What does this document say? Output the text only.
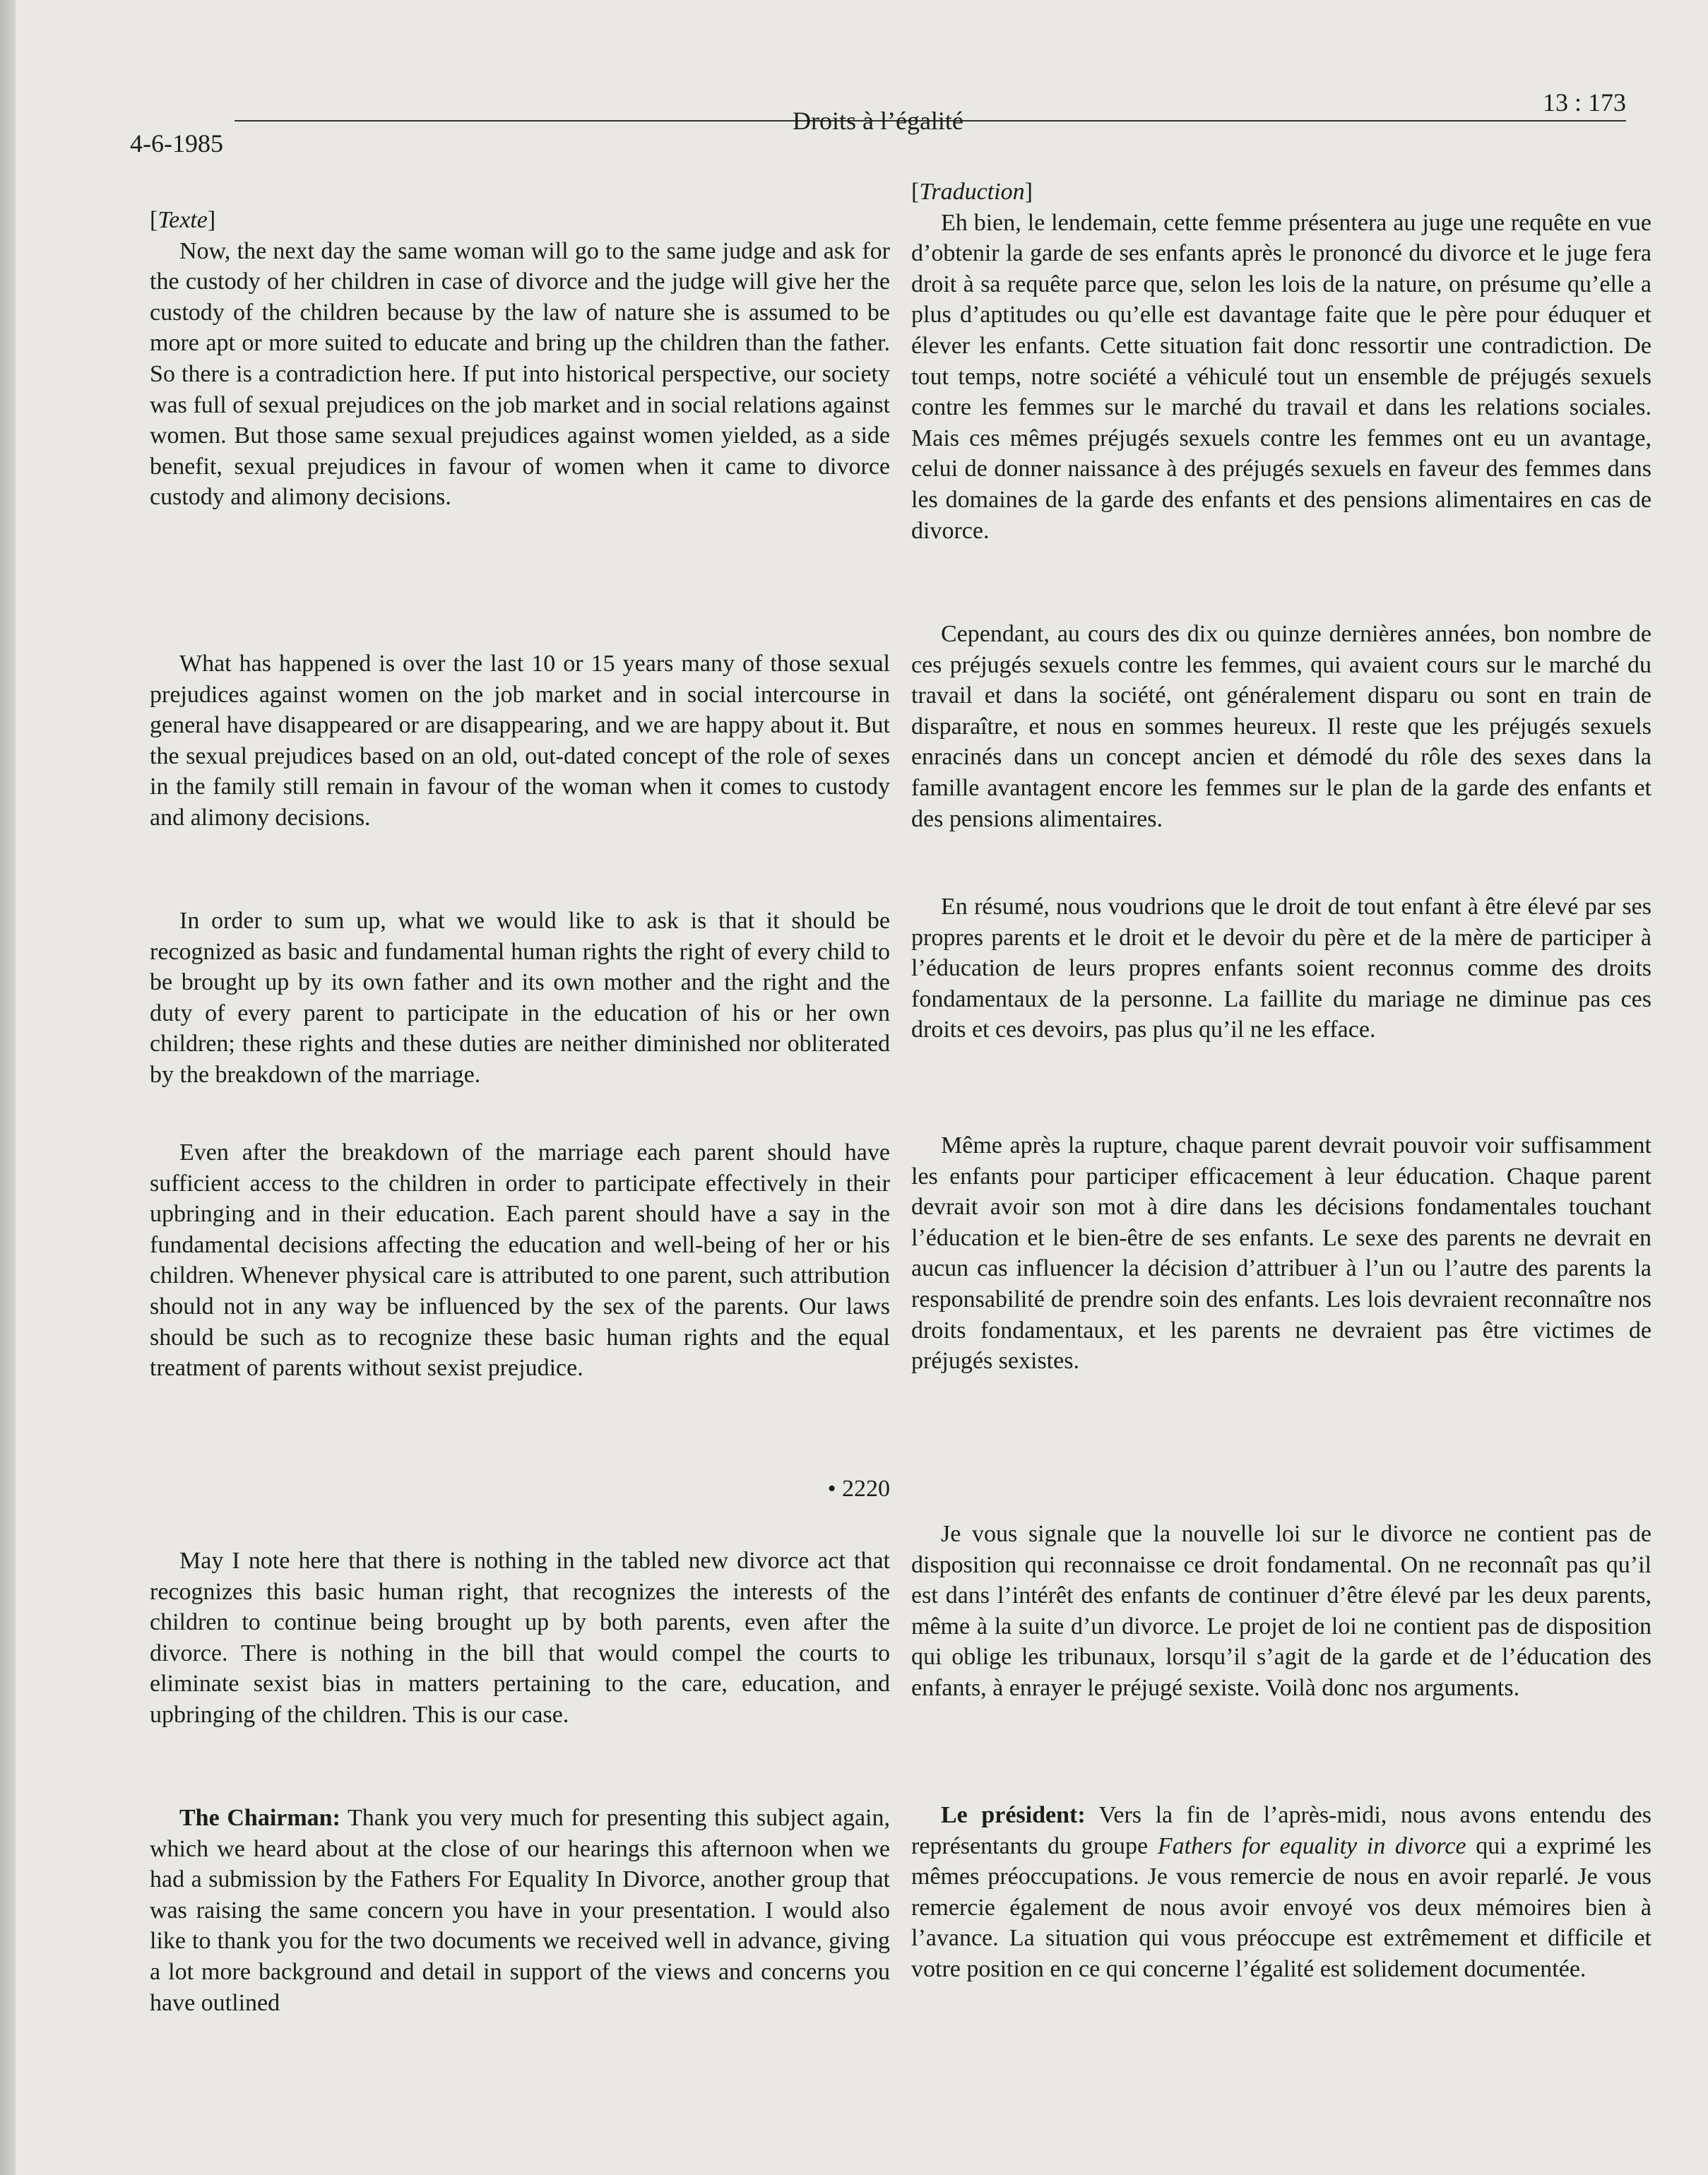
4-6-1985
Droits à l’égalité
13 : 173
[Texte]

Now, the next day the same woman will go to the same judge and ask for the custody of her children in case of divorce and the judge will give her the custody of the children because by the law of nature she is assumed to be more apt or more suited to educate and bring up the children than the father. So there is a contradiction here. If put into historical perspective, our society was full of sexual prejudices on the job market and in social relations against women. But those same sexual prejudices against women yielded, as a side benefit, sexual prejudices in favour of women when it came to divorce custody and alimony decisions.

What has happened is over the last 10 or 15 years many of those sexual prejudices against women on the job market and in social intercourse in general have disappeared or are disappearing, and we are happy about it. But the sexual prejudices based on an old, out-dated concept of the role of sexes in the family still remain in favour of the woman when it comes to custody and alimony decisions.

In order to sum up, what we would like to ask is that it should be recognized as basic and fundamental human rights the right of every child to be brought up by its own father and its own mother and the right and the duty of every parent to participate in the education of his or her own children; these rights and these duties are neither diminished nor obliterated by the breakdown of the marriage.

Even after the breakdown of the marriage each parent should have sufficient access to the children in order to participate effectively in their upbringing and in their education. Each parent should have a say in the fundamental decisions affecting the education and well-being of her or his children. Whenever physical care is attributed to one parent, such attribution should not in any way be influenced by the sex of the parents. Our laws should be such as to recognize these basic human rights and the equal treatment of parents without sexist prejudice.

• 2220

May I note here that there is nothing in the tabled new divorce act that recognizes this basic human right, that recognizes the interests of the children to continue being brought up by both parents, even after the divorce. There is nothing in the bill that would compel the courts to eliminate sexist bias in matters pertaining to the care, education, and upbringing of the children. This is our case.

The Chairman: Thank you very much for presenting this subject again, which we heard about at the close of our hearings this afternoon when we had a submission by the Fathers For Equality In Divorce, another group that was raising the same concern you have in your presentation. I would also like to thank you for the two documents we received well in advance, giving a lot more background and detail in support of the views and concerns you have outlined

[Traduction]

Eh bien, le lendemain, cette femme présentera au juge une requête en vue d’obtenir la garde de ses enfants après le prononcé du divorce et le juge fera droit à sa requête parce que, selon les lois de la nature, on présume qu’elle a plus d’aptitudes ou qu’elle est davantage faite que le père pour éduquer et élever les enfants. Cette situation fait donc ressortir une contradiction. De tout temps, notre société a véhiculé tout un ensemble de préjugés sexuels contre les femmes sur le marché du travail et dans les relations sociales. Mais ces mêmes préjugés sexuels contre les femmes ont eu un avantage, celui de donner naissance à des préjugés sexuels en faveur des femmes dans les domaines de la garde des enfants et des pensions alimentaires en cas de divorce.

Cependant, au cours des dix ou quinze dernières années, bon nombre de ces préjugés sexuels contre les femmes, qui avaient cours sur le marché du travail et dans la société, ont généralement disparu ou sont en train de disparaître, et nous en sommes heureux. Il reste que les préjugés sexuels enracinés dans un concept ancien et démodé du rôle des sexes dans la famille avantagent encore les femmes sur le plan de la garde des enfants et des pensions alimentaires.

En résumé, nous voudrions que le droit de tout enfant à être élevé par ses propres parents et le droit et le devoir du père et de la mère de participer à l’éducation de leurs propres enfants soient reconnus comme des droits fondamentaux de la personne. La faillite du mariage ne diminue pas ces droits et ces devoirs, pas plus qu’il ne les efface.

Même après la rupture, chaque parent devrait pouvoir voir suffisamment les enfants pour participer efficacement à leur éducation. Chaque parent devrait avoir son mot à dire dans les décisions fondamentales touchant l’éducation et le bien-être de ses enfants. Le sexe des parents ne devrait en aucun cas influencer la décision d’attribuer à l’un ou l’autre des parents la responsabilité de prendre soin des enfants. Les lois devraient reconnaître nos droits fondamentaux, et les parents ne devraient pas être victimes de préjugés sexistes.

Je vous signale que la nouvelle loi sur le divorce ne contient pas de disposition qui reconnaisse ce droit fondamental. On ne reconnaît pas qu’il est dans l’intérêt des enfants de continuer d’être élevé par les deux parents, même à la suite d’un divorce. Le projet de loi ne contient pas de disposition qui oblige les tribunaux, lorsqu’il s’agit de la garde et de l’éducation des enfants, à enrayer le préjugé sexiste. Voilà donc nos arguments.

Le président: Vers la fin de l’après-midi, nous avons entendu des représentants du groupe Fathers for equality in divorce qui a exprimé les mêmes préoccupations. Je vous remercie de nous en avoir reparlé. Je vous remercie également de nous avoir envoyé vos deux mémoires bien à l’avance. La situation qui vous préoccupe est extrêmement et difficile et votre position en ce qui concerne l’égalité est solidement documentée.
